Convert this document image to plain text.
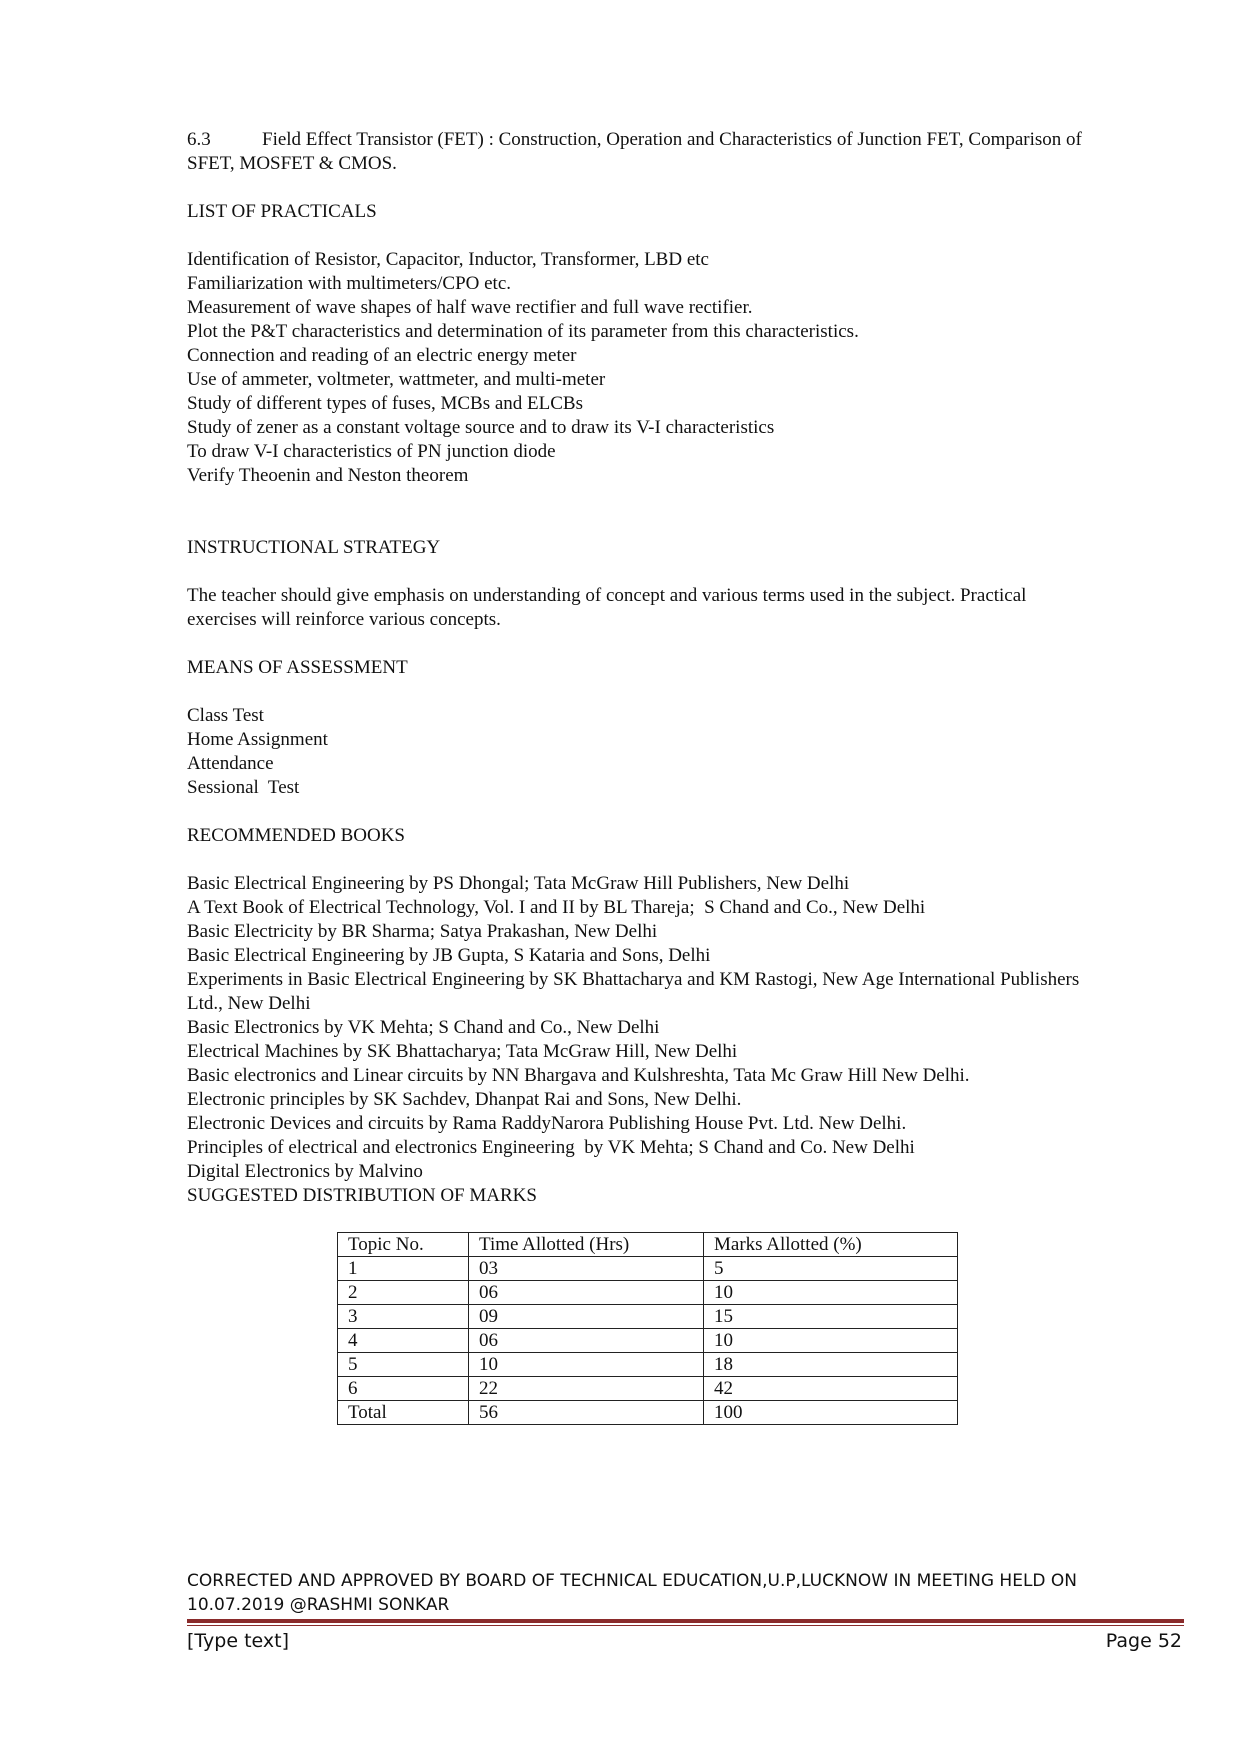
6.3	Field Effect Transistor (FET) : Construction, Operation and Characteristics of Junction FET, Comparison of
SFET, MOSFET & CMOS.
LIST OF PRACTICALS
Identification of Resistor, Capacitor, Inductor, Transformer, LBD etc
Familiarization with multimeters/CPO etc.
Measurement of wave shapes of half wave rectifier and full wave rectifier.
Plot the P&T characteristics and determination of its parameter from this characteristics.
Connection and reading of an electric energy meter
Use of ammeter, voltmeter, wattmeter, and multi-meter
Study of different types of fuses, MCBs and ELCBs
Study of zener as a constant voltage source and to draw its V-I characteristics
To draw V-I characteristics of PN junction diode
Verify Theoenin and Neston theorem
INSTRUCTIONAL STRATEGY
The teacher should give emphasis on understanding of concept and various terms used in the subject. Practical
exercises will reinforce various concepts.
MEANS OF ASSESSMENT
Class Test
Home Assignment
Attendance
Sessional  Test
RECOMMENDED BOOKS
Basic Electrical Engineering by PS Dhongal; Tata McGraw Hill Publishers, New Delhi
A Text Book of Electrical Technology, Vol. I and II by BL Thareja;  S Chand and Co., New Delhi
Basic Electricity by BR Sharma; Satya Prakashan, New Delhi
Basic Electrical Engineering by JB Gupta, S Kataria and Sons, Delhi
Experiments in Basic Electrical Engineering by SK Bhattacharya and KM Rastogi, New Age International Publishers
Ltd., New Delhi
Basic Electronics by VK Mehta; S Chand and Co., New Delhi
Electrical Machines by SK Bhattacharya; Tata McGraw Hill, New Delhi
Basic electronics and Linear circuits by NN Bhargava and Kulshreshta, Tata Mc Graw Hill New Delhi.
Electronic principles by SK Sachdev, Dhanpat Rai and Sons, New Delhi.
Electronic Devices and circuits by Rama RaddyNarora Publishing House Pvt. Ltd. New Delhi.
Principles of electrical and electronics Engineering  by VK Mehta; S Chand and Co. New Delhi
Digital Electronics by Malvino
SUGGESTED DISTRIBUTION OF MARKS
Topic No.	Time Allotted (Hrs)	Marks Allotted (%)
1	03	5
2	06	10
3	09	15
4	06	10
5	10	18
6	22	42
Total	56	100
CORRECTED AND APPROVED BY BOARD OF TECHNICAL EDUCATION,U.P,LUCKNOW IN MEETING HELD ON
10.07.2019 @RASHMI SONKAR
[Type text]	Page 52
